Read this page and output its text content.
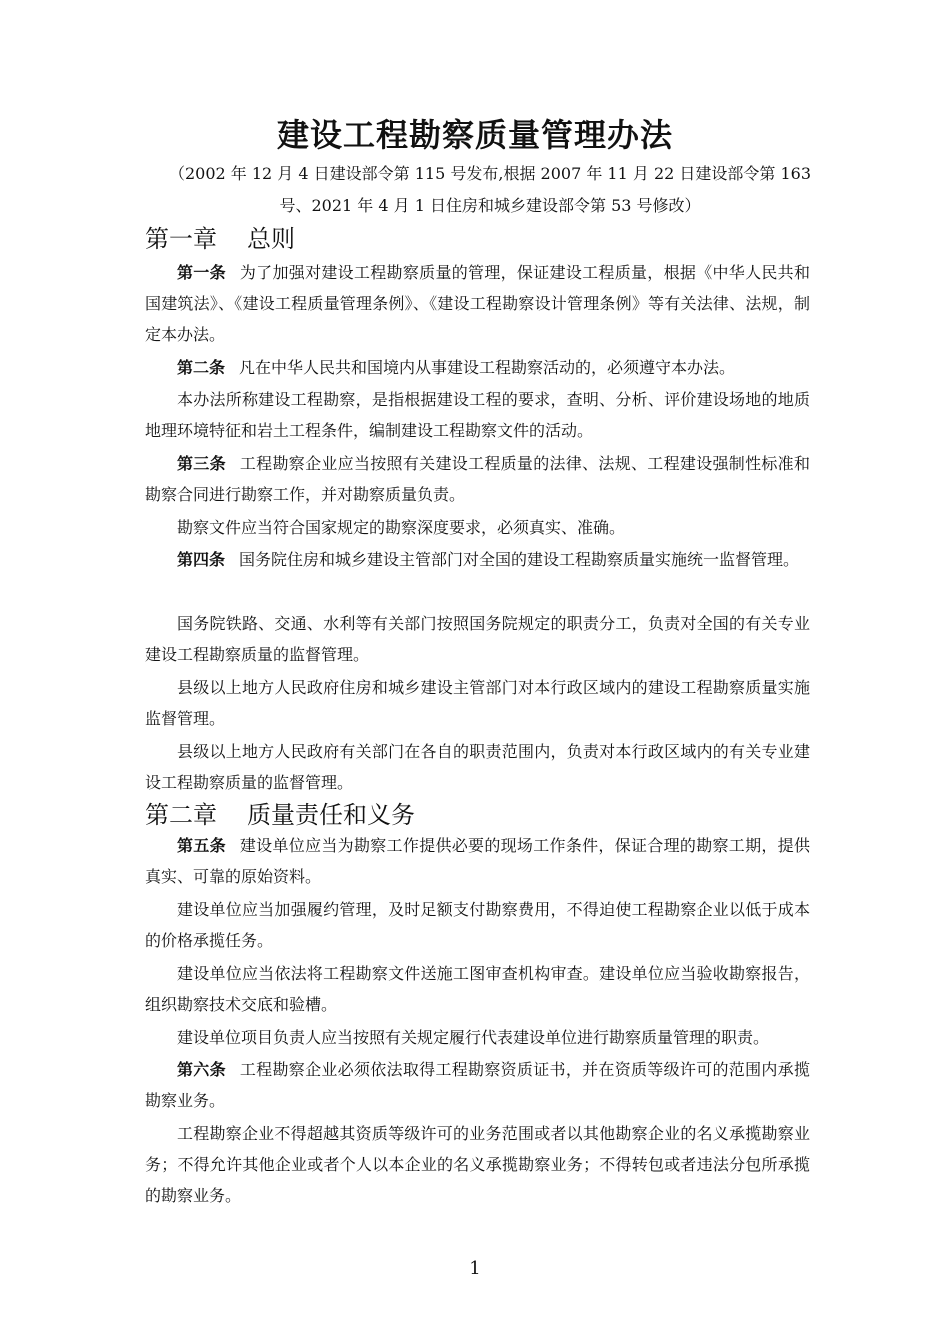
建设工程勘察质量管理办法
（2002 年 12 月 4 日建设部令第 115 号发布,根据 2007 年 11 月 22 日建设部令第 163
号、2021 年 4 月 1 日住房和城乡建设部令第 53 号修改）
第一章 总则

第一条 为了加强对建设工程勘察质量的管理，保证建设工程质量，根据《中华人民共和国建筑法》、《建设工程质量管理条例》、《建设工程勘察设计管理条例》等有关法律、法规，制定本办法。

第二条 凡在中华人民共和国境内从事建设工程勘察活动的，必须遵守本办法。

本办法所称建设工程勘察，是指根据建设工程的要求，查明、分析、评价建设场地的地质地理环境特征和岩土工程条件，编制建设工程勘察文件的活动。

第三条 工程勘察企业应当按照有关建设工程质量的法律、法规、工程建设强制性标准和勘察合同进行勘察工作，并对勘察质量负责。

勘察文件应当符合国家规定的勘察深度要求，必须真实、准确。

第四条 国务院住房和城乡建设主管部门对全国的建设工程勘察质量实施统一监督管理。

国务院铁路、交通、水利等有关部门按照国务院规定的职责分工，负责对全国的有关专业建设工程勘察质量的监督管理。

县级以上地方人民政府住房和城乡建设主管部门对本行政区域内的建设工程勘察质量实施监督管理。

县级以上地方人民政府有关部门在各自的职责范围内，负责对本行政区域内的有关专业建设工程勘察质量的监督管理。

第二章 质量责任和义务

第五条 建设单位应当为勘察工作提供必要的现场工作条件，保证合理的勘察工期，提供真实、可靠的原始资料。

建设单位应当加强履约管理，及时足额支付勘察费用，不得迫使工程勘察企业以低于成本的价格承揽任务。

建设单位应当依法将工程勘察文件送施工图审查机构审查。建设单位应当验收勘察报告，组织勘察技术交底和验槽。

建设单位项目负责人应当按照有关规定履行代表建设单位进行勘察质量管理的职责。

第六条 工程勘察企业必须依法取得工程勘察资质证书，并在资质等级许可的范围内承揽勘察业务。

工程勘察企业不得超越其资质等级许可的业务范围或者以其他勘察企业的名义承揽勘察业务；不得允许其他企业或者个人以本企业的名义承揽勘察业务；不得转包或者违法分包所承揽的勘察业务。

1
